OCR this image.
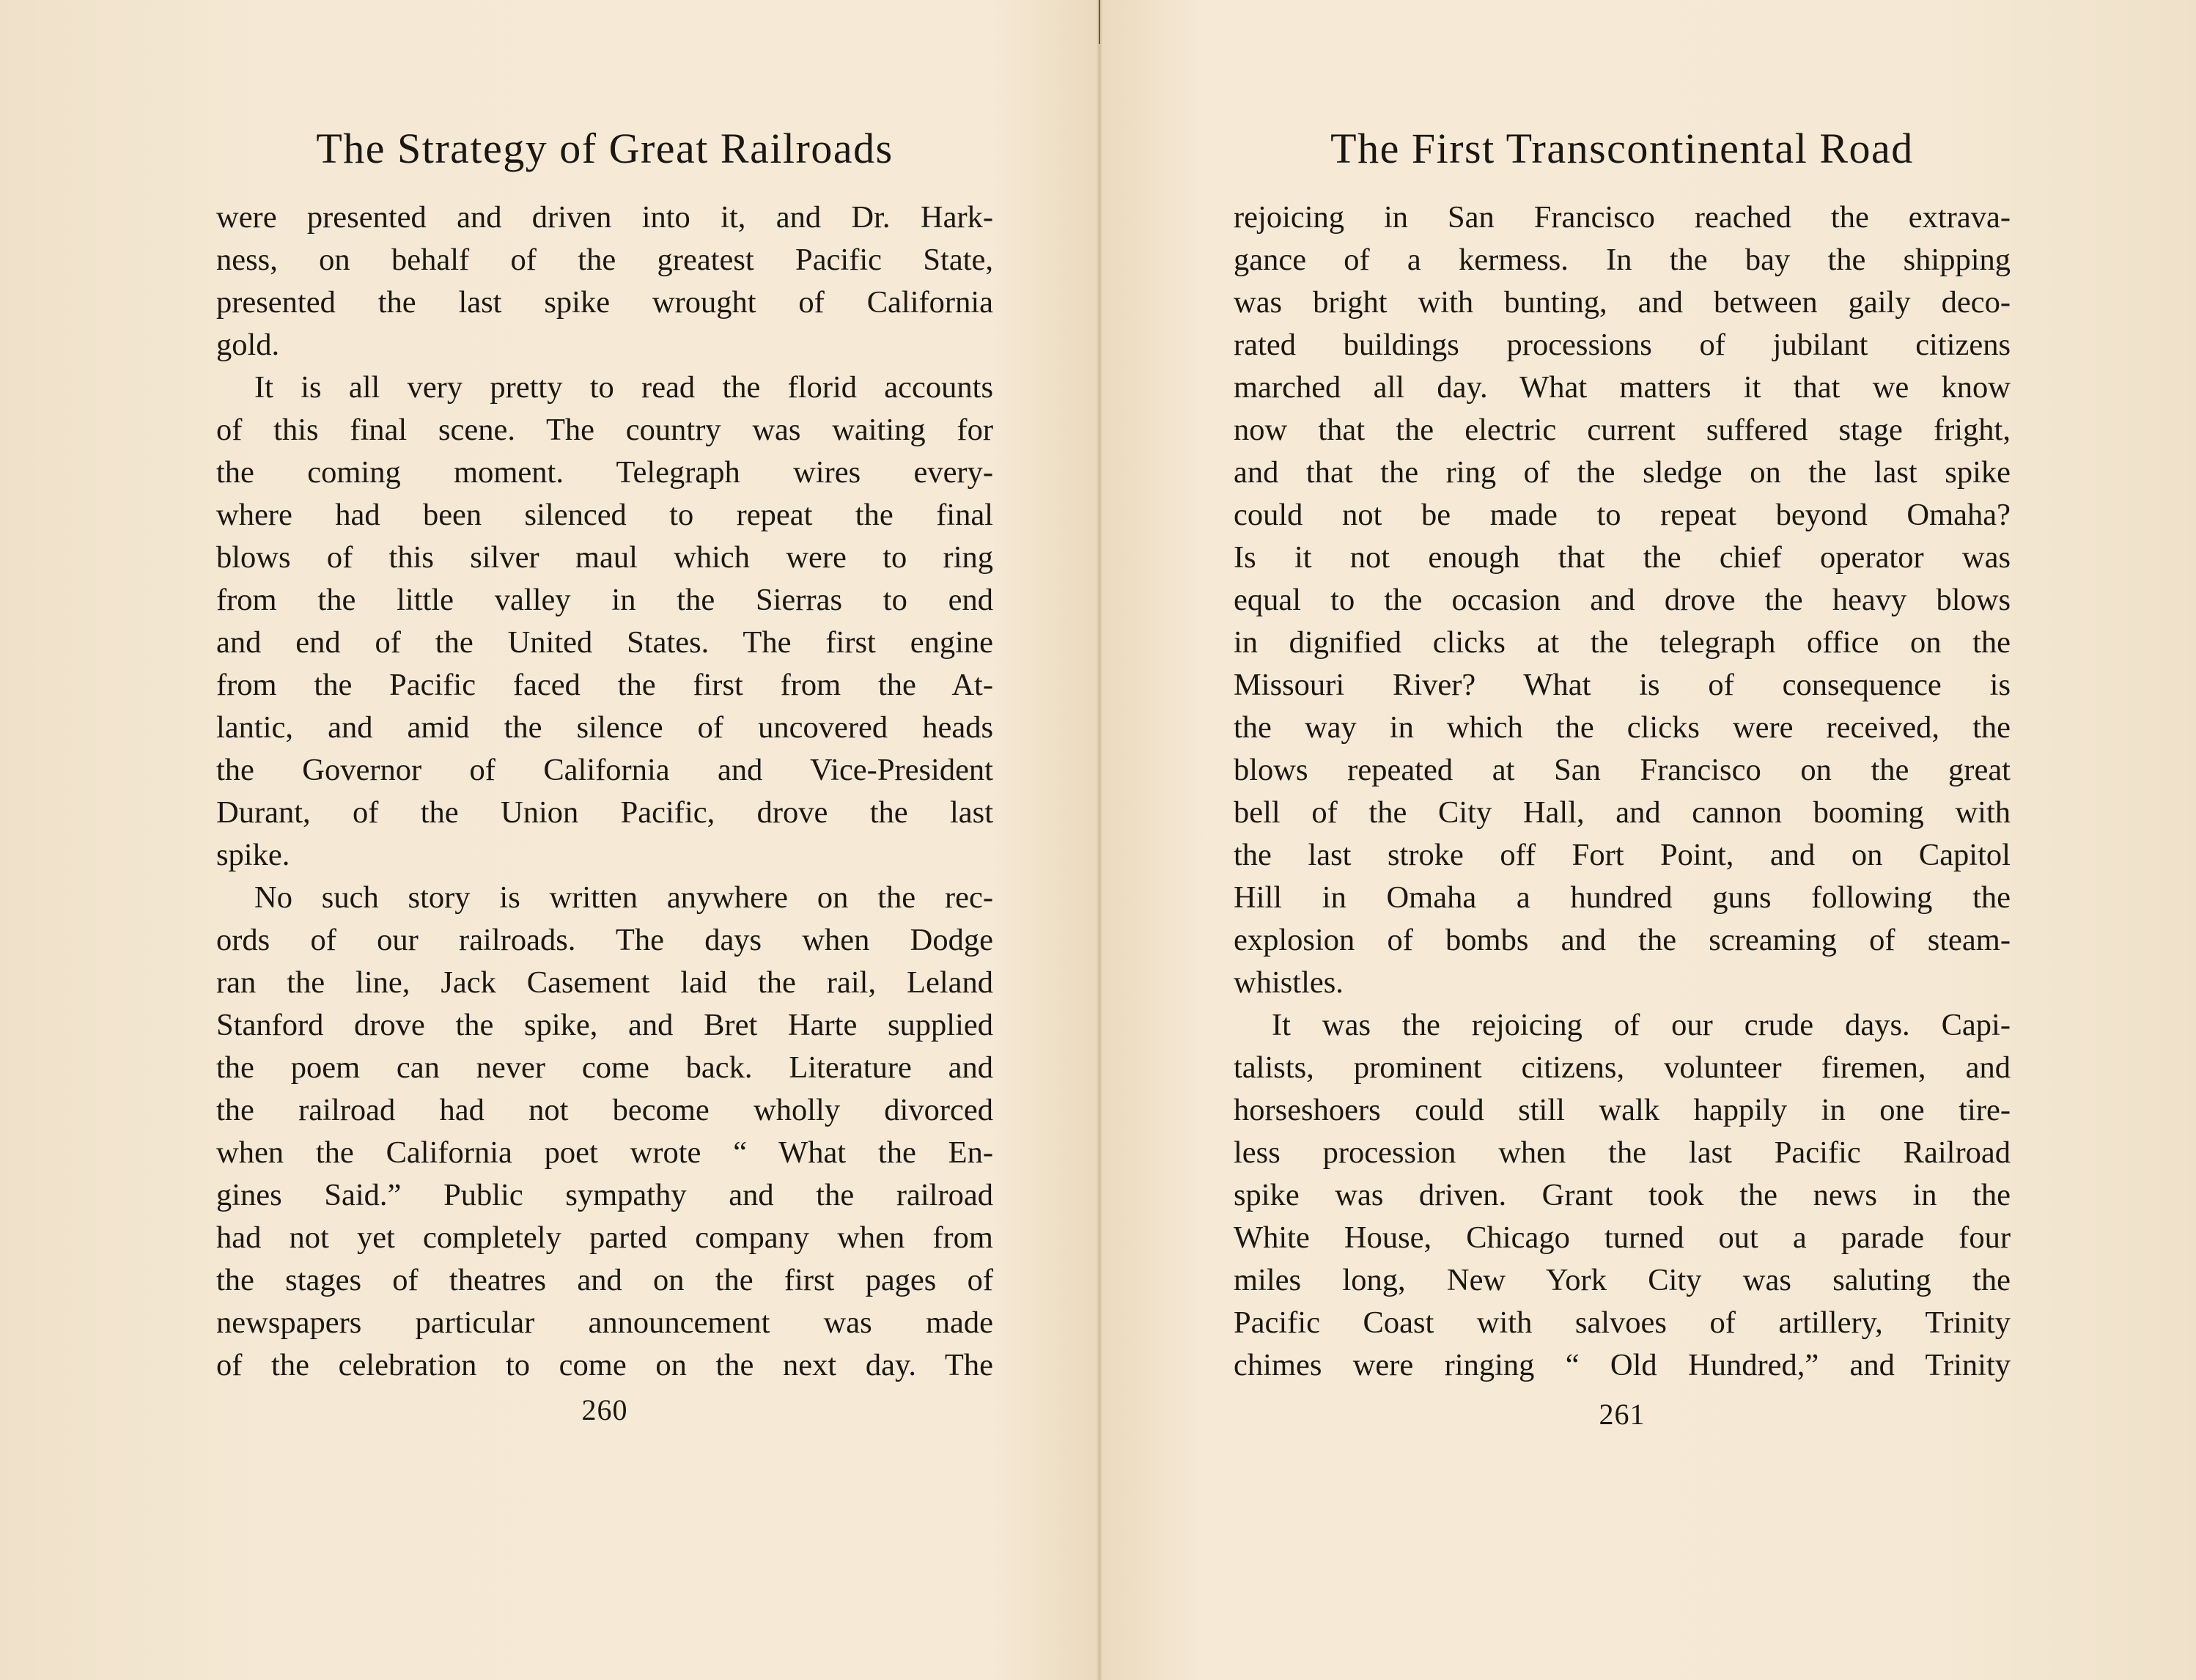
The Strategy of Great Railroads
were presented and driven into it, and Dr. Hark-
ness, on behalf of the greatest Pacific State,
presented the last spike wrought of California
gold.
It is all very pretty to read the florid accounts
of this final scene. The country was waiting for
the coming moment. Telegraph wires every-
where had been silenced to repeat the final
blows of this silver maul which were to ring
from the little valley in the Sierras to end
and end of the United States. The first engine
from the Pacific faced the first from the At-
lantic, and amid the silence of uncovered heads
the Governor of California and Vice-President
Durant, of the Union Pacific, drove the last
spike.
No such story is written anywhere on the rec-
ords of our railroads. The days when Dodge
ran the line, Jack Casement laid the rail, Leland
Stanford drove the spike, and Bret Harte supplied
the poem can never come back. Literature and
the railroad had not become wholly divorced
when the California poet wrote “ What the En-
gines Said.” Public sympathy and the railroad
had not yet completely parted company when from
the stages of theatres and on the first pages of
newspapers particular announcement was made
of the celebration to come on the next day. The
260
The First Transcontinental Road
rejoicing in San Francisco reached the extrava-
gance of a kermess. In the bay the shipping
was bright with bunting, and between gaily deco-
rated buildings processions of jubilant citizens
marched all day. What matters it that we know
now that the electric current suffered stage fright,
and that the ring of the sledge on the last spike
could not be made to repeat beyond Omaha?
Is it not enough that the chief operator was
equal to the occasion and drove the heavy blows
in dignified clicks at the telegraph office on the
Missouri River? What is of consequence is
the way in which the clicks were received, the
blows repeated at San Francisco on the great
bell of the City Hall, and cannon booming with
the last stroke off Fort Point, and on Capitol
Hill in Omaha a hundred guns following the
explosion of bombs and the screaming of steam-
whistles.
It was the rejoicing of our crude days. Capi-
talists, prominent citizens, volunteer firemen, and
horseshoers could still walk happily in one tire-
less procession when the last Pacific Railroad
spike was driven. Grant took the news in the
White House, Chicago turned out a parade four
miles long, New York City was saluting the
Pacific Coast with salvoes of artillery, Trinity
chimes were ringing “ Old Hundred,” and Trinity
261
